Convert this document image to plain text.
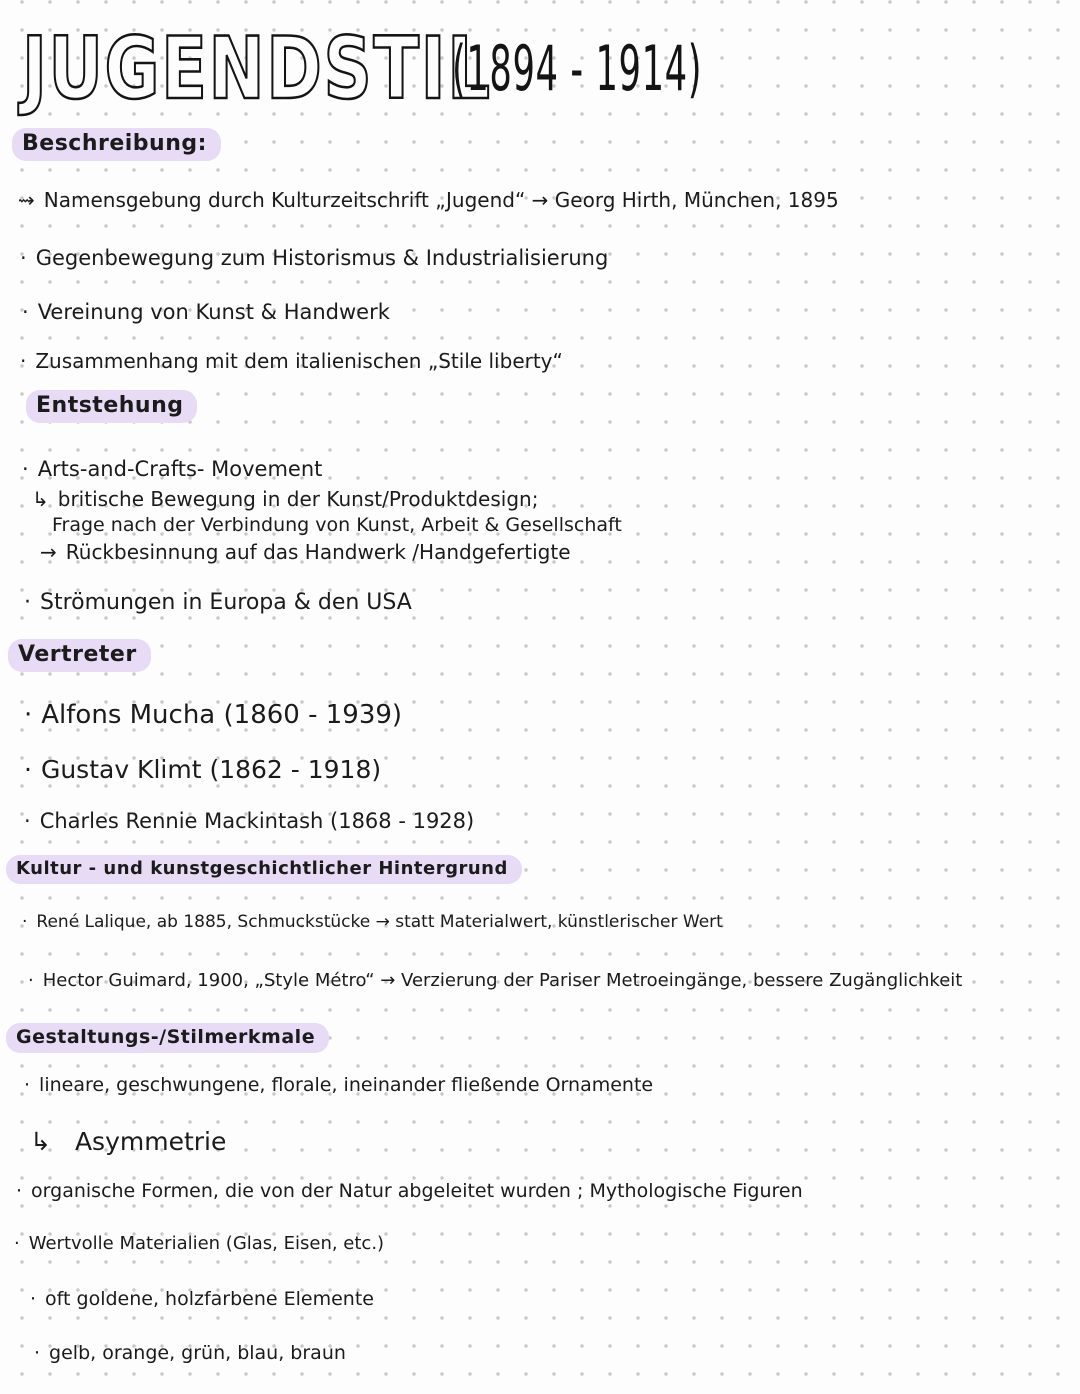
JUGENDSTIL
(1894 - 1914)
Beschreibung:
⇝ Namensgebung durch Kulturzeitschrift „Jugend“ → Georg Hirth, München, 1895
· Gegenbewegung zum Historismus & Industrialisierung
· Vereinung von Kunst & Handwerk
· Zusammenhang mit dem italienischen „Stile liberty“
Entstehung
· Arts-and-Crafts- Movement
↳ britische Bewegung in der Kunst/Produktdesign;
Frage nach der Verbindung von Kunst, Arbeit & Gesellschaft
→ Rückbesinnung auf das Handwerk /Handgefertigte
· Strömungen in Europa & den USA
Vertreter
· Alfons Mucha (1860 - 1939)
· Gustav Klimt (1862 - 1918)
· Charles Rennie Mackintash (1868 - 1928)
Kultur - und kunstgeschichtlicher Hintergrund
· René Lalique, ab 1885, Schmuckstücke → statt Materialwert, künstlerischer Wert
· Hector Guimard, 1900, „Style Métro“ → Verzierung der Pariser Metroeingänge, bessere Zugänglichkeit
Gestaltungs-/Stilmerkmale
· lineare, geschwungene, florale, ineinander fließende Ornamente
↳ Asymmetrie
· organische Formen, die von der Natur abgeleitet wurden ; Mythologische Figuren
· Wertvolle Materialien (Glas, Eisen, etc.)
· oft goldene, holzfarbene Elemente
· gelb, orange, grün, blau, braun
